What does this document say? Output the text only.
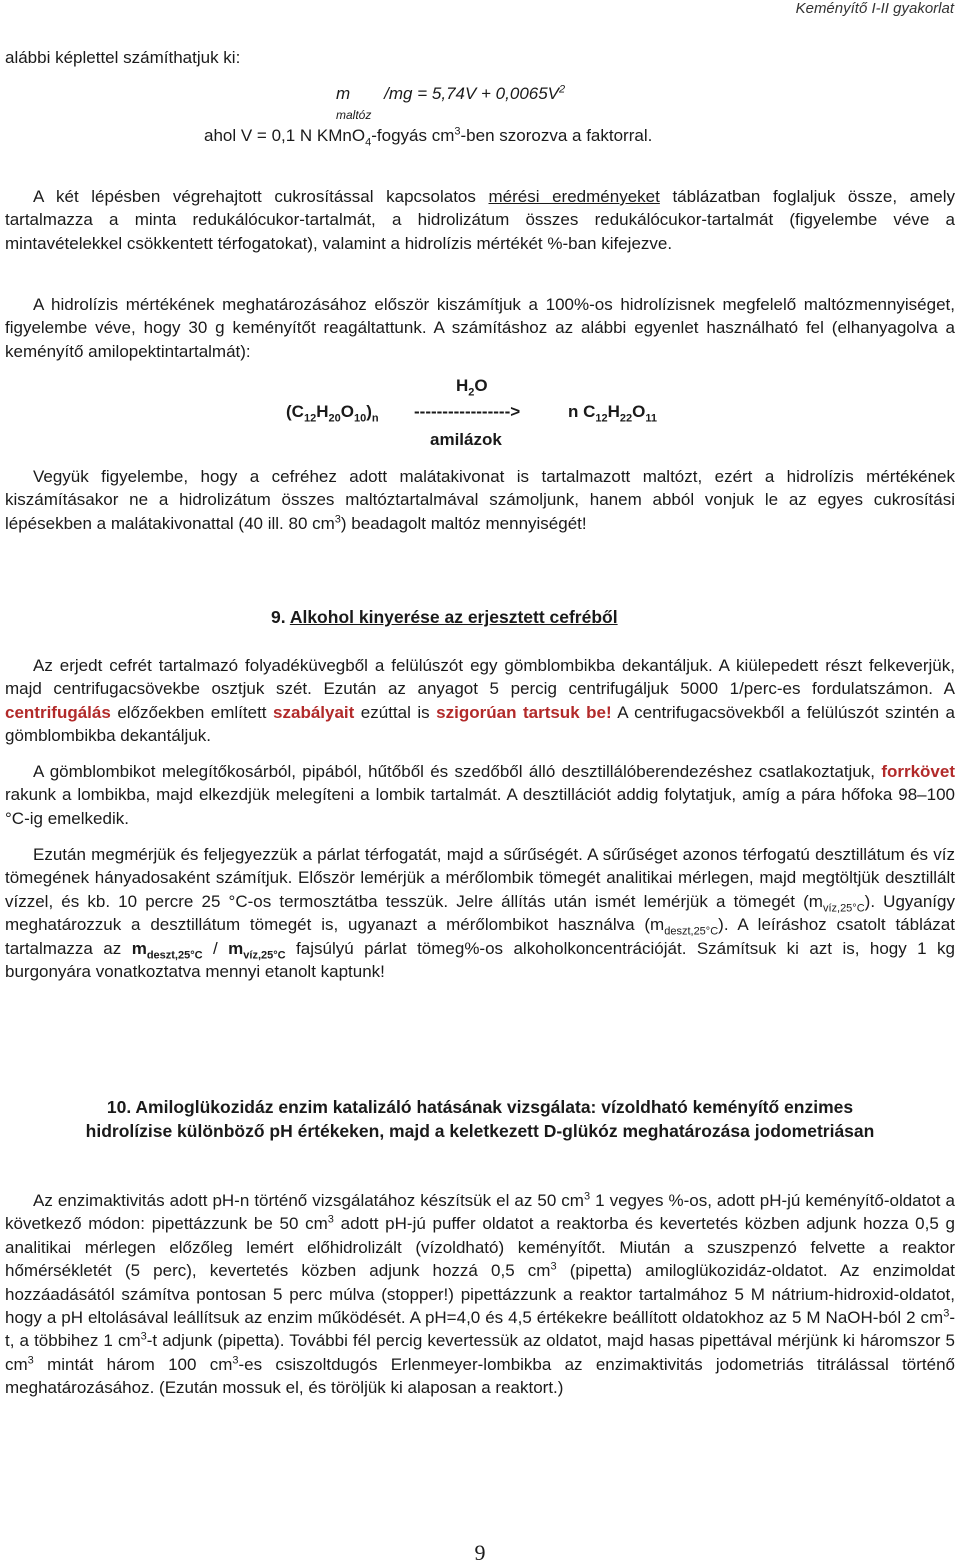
Keményítő I-II gyakorlat

alábbi képlettel számíthatjuk ki:

m $/mg = 5,74V + 0,0065V^2$
maltóz
ahol V = 0,1 N KMnO$_4$-fogyás $cm^3$-ben szorozva a faktorral.

A két lépésben végrehajtott cukrosítással kapcsolatos mérési eredményeket táblázatban foglaljuk össze, amely tartalmazza a minta redukálócukor-tartalmát, a hidrolizátum összes redukálócukor-tartalmát (figyelembe véve a mintavételekkel csökkentett térfogatokat), valamint a hidrolízis mértékét %-ban kifejezve.

A hidrolízis mértékének meghatározásához először kiszámítjuk a 100%-os hidrolízisnek megfelelő maltózmennyiséget, figyelembe véve, hogy 30 g keményítőt reagáltattunk. A számításhoz az alábbi egyenlet használható fel (elhanyagolva a keményítő amilopektintartalmát):

$H_2O$
$(C_{12}H_{20}O_{10})_n$ ----------------->	n $C_{12}H_{22}O_{11}$
amilázok

Vegyük figyelembe, hogy a cefréhez adott malátakivonat is tartalmazott maltózt, ezért a hidrolízis mértékének kiszámításakor ne a hidrolizátum összes maltóztartalmával számoljunk, hanem abból vonjuk le az egyes cukrosítási lépésekben a malátakivonattal (40 ill. 80 $cm^3$) beadagolt maltóz mennyiségét!

9. Alkohol kinyerése az erjesztett cefréből

Az erjedt cefrét tartalmazó folyadéküvegből a felülúszót egy gömblombikba dekantáljuk. A kiülepedett részt felkeverjük, majd centrifugacsövekbe osztjuk szét. Ezután az anyagot 5 percig centrifugáljuk 5000 1/perc-es fordulatszámon. A centrifugálás előzőekben említett szabályait ezúttal is szigorúan tartsuk be! A centrifugacsövekből a felülúszót szintén a gömblombikba dekantáljuk.

A gömblombikot melegítőkosárból, pipából, hűtőből és szedőből álló desztillálóberendezéshez csatlakoztatjuk, forrkövet rakunk a lombikba, majd elkezdjük melegíteni a lombik tartalmát. A desztillációt addig folytatjuk, amíg a pára hőfoka 98–100 °C-ig emelkedik.

Ezután megmérjük és feljegyezzük a párlat térfogatát, majd a sűrűségét. A sűrűséget azonos térfogatú desztillátum és víz tömegének hányadosaként számítjuk. Először lemérjük a mérőlombik tömegét analitikai mérlegen, majd megtöltjük desztillált vízzel, és kb. 10 percre 25 °C-os termosztátba tesszük. Jelre állítás után ismét lemérjük a tömegét $(m_{víz,25^\circ C})$. Ugyanígy meghatározzuk a desztillátum tömegét is, ugyanazt a mérőlombikot használva $(m_{deszt,25^\circ C})$. A leíráshoz csatolt táblázat tartalmazza az $m_{deszt,25^\circ C} / m_{víz,25^\circ C}$ fajsúlyú párlat tömeg%-os alkoholkoncentrációját. Számítsuk ki azt is, hogy 1 kg burgonyára vonatkoztatva mennyi etanolt kaptunk!

10. Amiloglükozidáz enzim katalizáló hatásának vizsgálata: vízoldható keményítő enzimes
hidrolízise különböző pH értékeken, majd a keletkezett D-glükóz meghatározása jodometriásan

Az enzimaktivitás adott pH-n történő vizsgálatához készítsük el az 50 $cm^3$ 1 vegyes %-os, adott pH-jú keményítő-oldatot a következő módon: pipettázzunk be 50 $cm^3$ adott pH-jú puffer oldatot a reaktorba és kevertetés közben adjunk hozza 0,5 g analitikai mérlegen előzőleg lemért előhidrolizált (vízoldható) keményítőt. Miután a szuszpenzó felvette a reaktor hőmérsékletét (5 perc), kevertetés közben adjunk hozzá 0,5 $cm^3$ (pipetta) amiloglükozidáz-oldatot. Az enzimoldat hozzáadásától számítva pontosan 5 perc múlva (stopper!) pipettázzunk a reaktor tartalmához 5 M nátrium-hidroxid-oldatot, hogy a pH eltolásával leállítsuk az enzim működését. A pH=4,0 és 4,5 értékekre beállított oldatokhoz az 5 M NaOH-ból 2 $cm^3-t$, a többihez 1 $cm^3-t$ adjunk (pipetta). További fél percig kevertessük az oldatot, majd hasas pipettával mérjünk ki háromszor 5 $cm^3$ mintát három 100 $cm^3-es$ csiszoltdugós Erlenmeyer-lombikba az enzimaktivitás jodometriás titrálással történő meghatározásához. (Ezután mossuk el, és töröljük ki alaposan a reaktort.)

9
